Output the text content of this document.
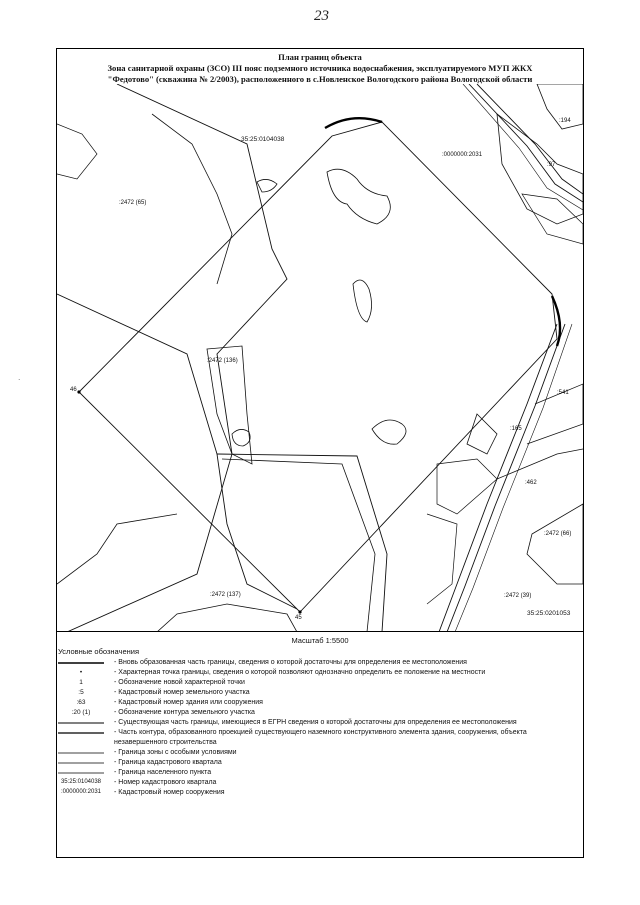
23
·
План границ объекта
Зона санитарной охраны (ЗСО) III пояс подземного источника водоснабжения, эксплуатируемого МУП ЖКХ
"Федотово" (скважина № 2/2003), расположенного в с.Новленское Вологодского района Вологодской области
35:25:0104038
:0000000:2031
:194
:2472 (65)
:97
:2472 (136)
:541
:165
:462
:2472 (66)
:2472 (137)	:2472 (39)
35:25:0201053
46
45
Масштаб 1:5500
Условные обозначения
- Вновь образованная часть границы, сведения о которой достаточны для определения ее местоположения
•	- Характерная точка границы, сведения о которой позволяют однозначно определить ее положение на местности
1	- Обозначение новой характерной точки
:5	- Кадастровый номер земельного участка
:63	- Кадастровый номер здания или сооружения
:20 (1)	- Обозначение контура земельного участка
- Существующая часть границы, имеющиеся в ЕГРН сведения о которой достаточны для определения ее местоположения
- Часть контура, образованного проекцией существующего наземного конструктивного элемента здания, сооружения, объекта незавершенного строительства
- Граница зоны с особыми условиями
- Граница кадастрового квартала
- Граница населенного пункта
35:25:0104038	- Номер кадастрового квартала
:0000000:2031	- Кадастровый номер сооружения
